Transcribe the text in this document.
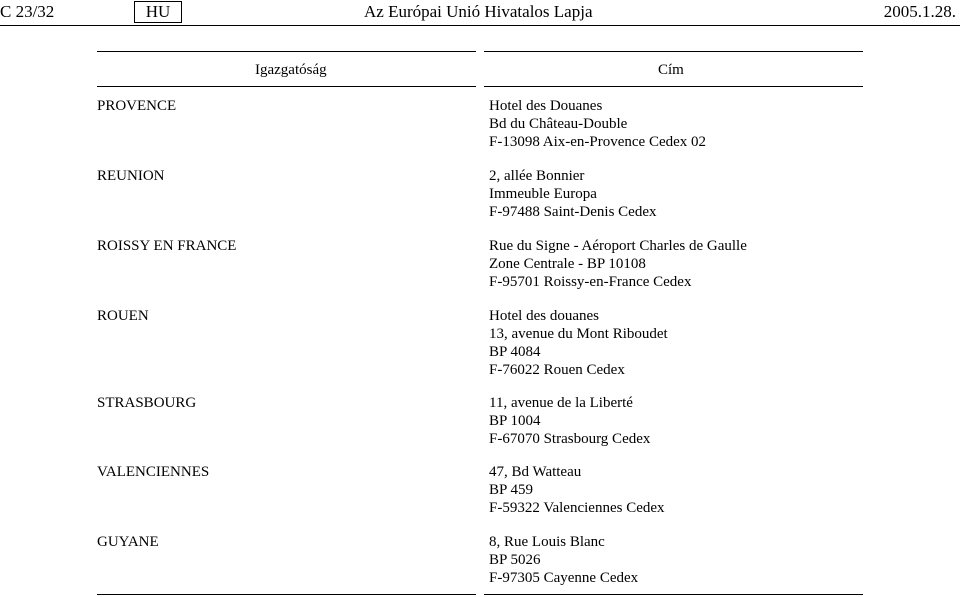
C 23/32	HU	Az Európai Unió Hivatalos Lapja	2005.1.28.
Igazgatóság	Cím
PROVENCE	Hotel des Douanes
Bd du Château-Double
F-13098 Aix-en-Provence Cedex 02
REUNION	2, allée Bonnier
Immeuble Europa
F-97488 Saint-Denis Cedex
ROISSY EN FRANCE	Rue du Signe - Aéroport Charles de Gaulle
Zone Centrale - BP 10108
F-95701 Roissy-en-France Cedex
ROUEN	Hotel des douanes
13, avenue du Mont Riboudet
BP 4084
F-76022 Rouen Cedex
STRASBOURG	11, avenue de la Liberté
BP 1004
F-67070 Strasbourg Cedex
VALENCIENNES	47, Bd Watteau
BP 459
F-59322 Valenciennes Cedex
GUYANE	8, Rue Louis Blanc
BP 5026
F-97305 Cayenne Cedex
